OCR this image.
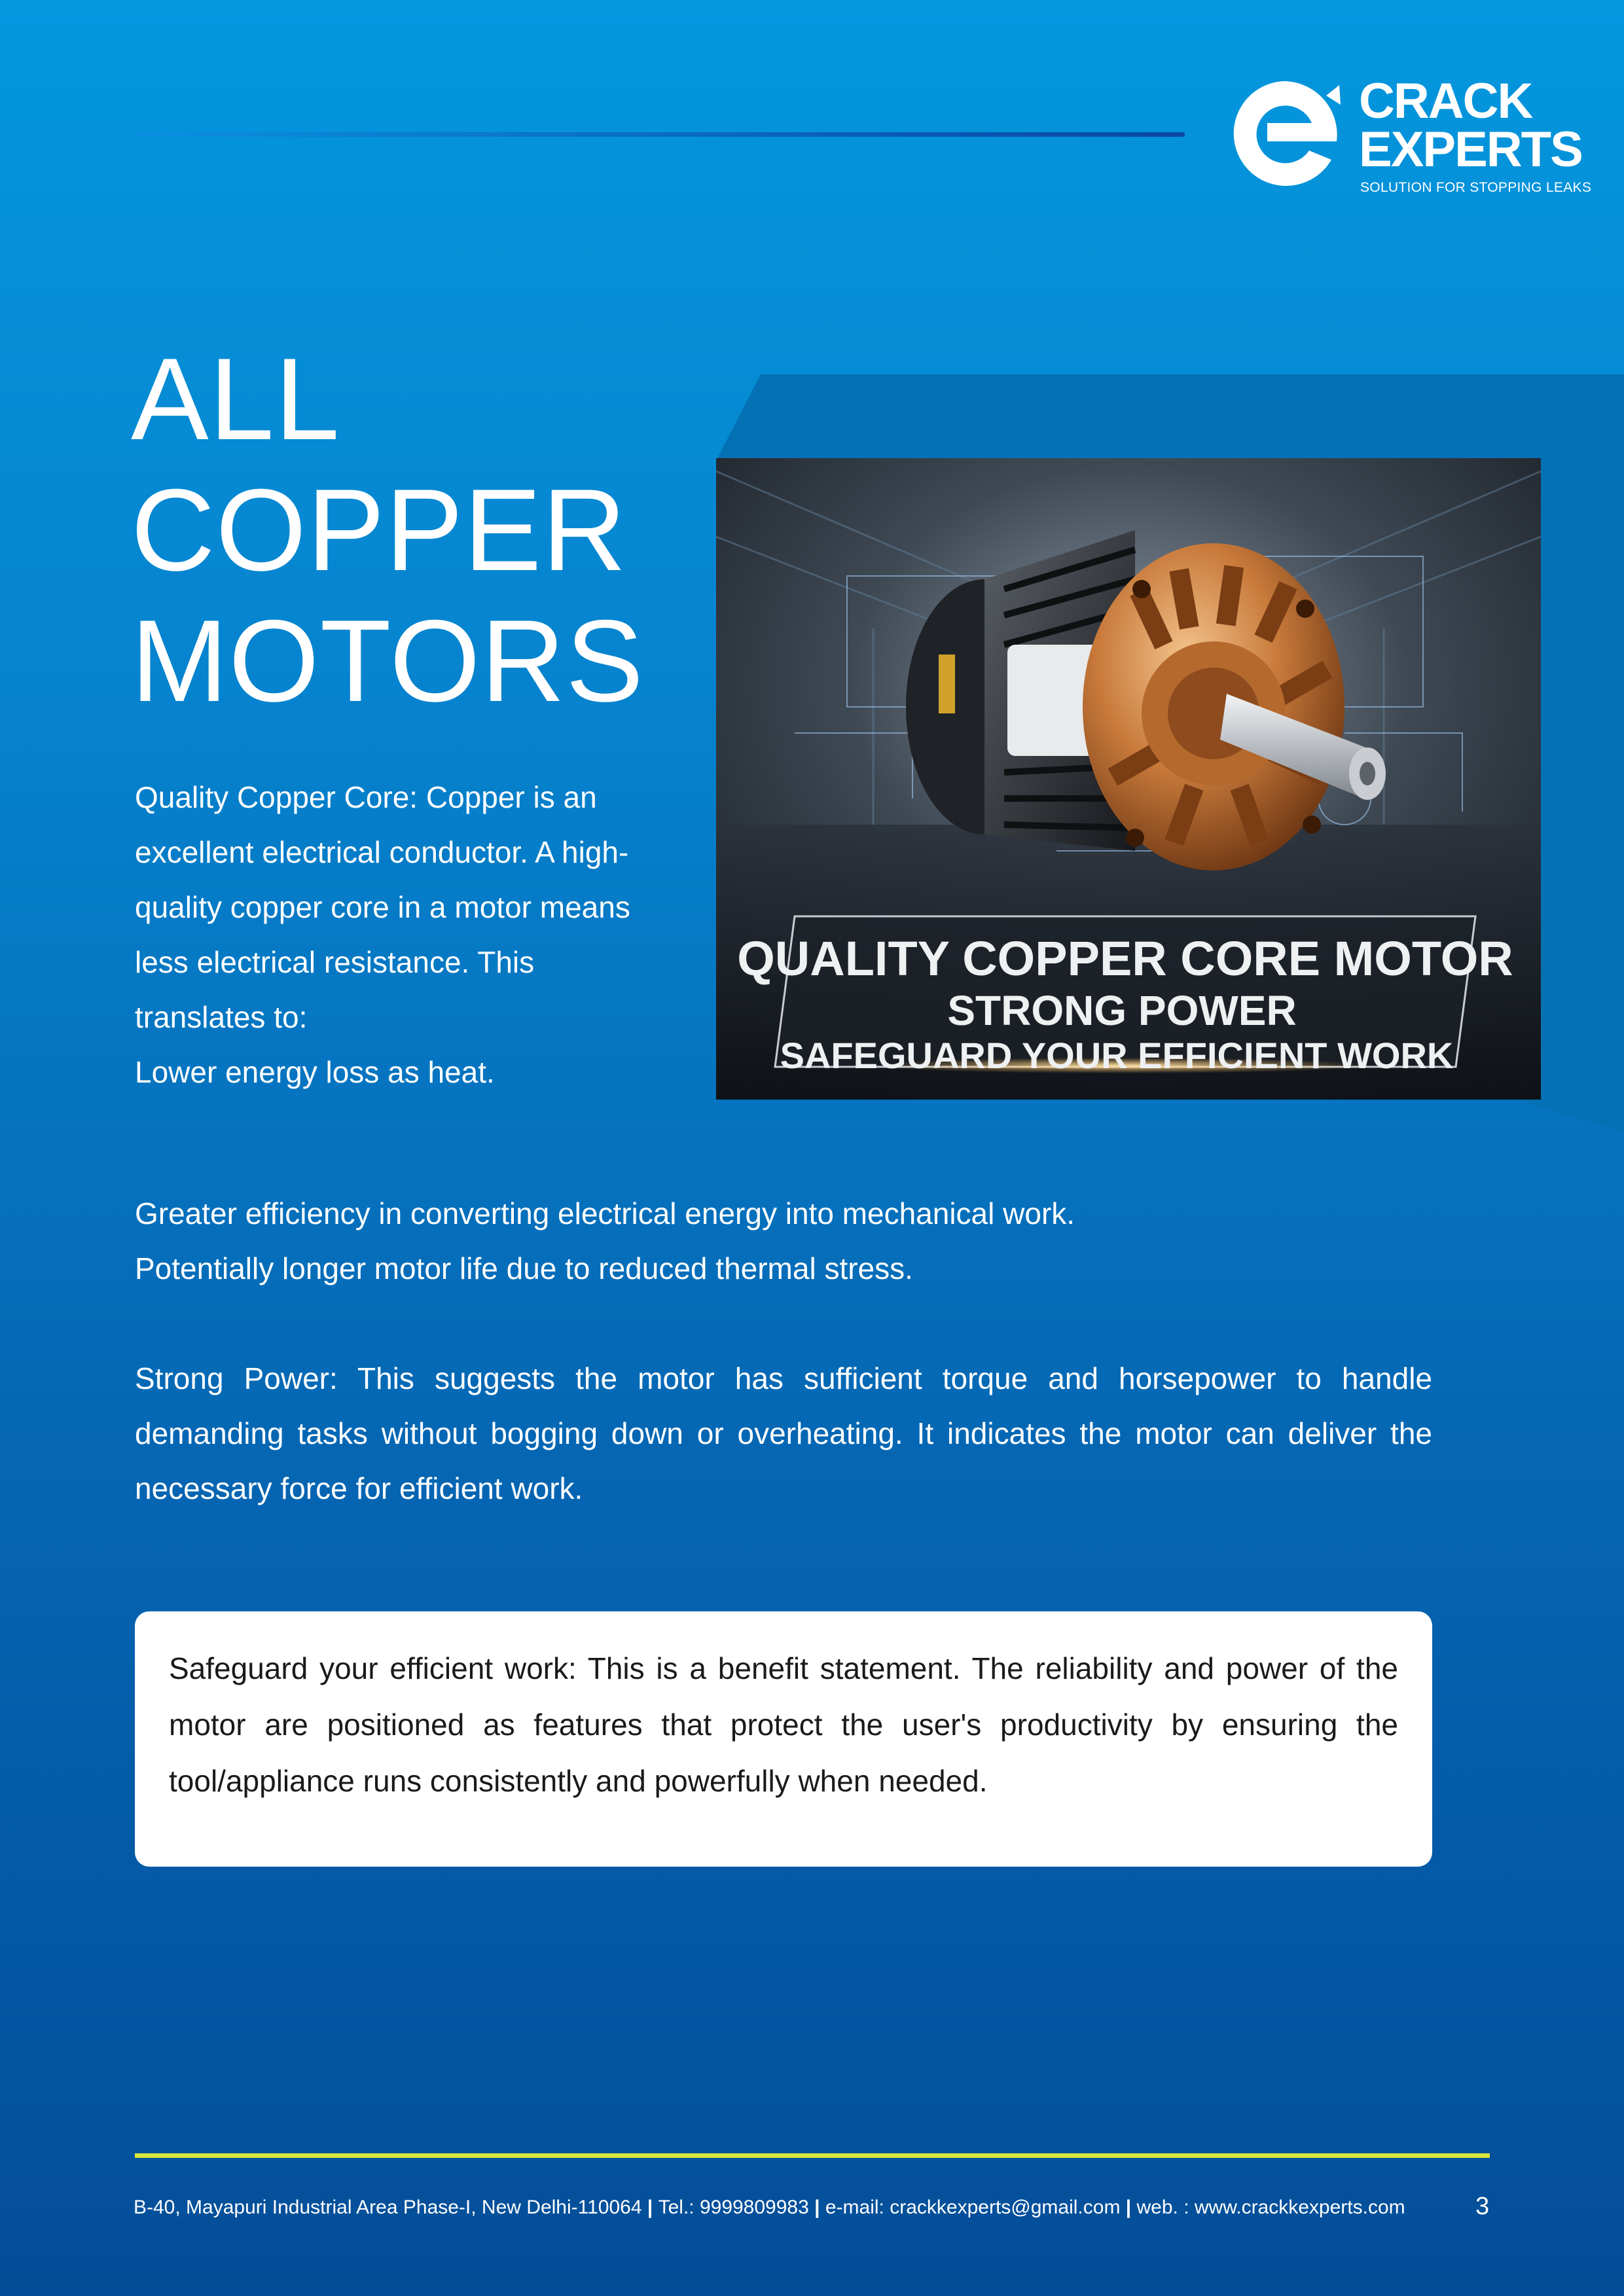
CRACK
EXPERTS
SOLUTION FOR STOPPING LEAKS
ALL
COPPER
MOTORS

Quality Copper Core: Copper is an
excellent electrical conductor. A high-
quality copper core in a motor means
less electrical resistance. This
translates to:
Lower energy loss as heat.

QUALITY COPPER CORE MOTOR
STRONG POWER
SAFEGUARD YOUR EFFICIENT WORK
Greater efficiency in converting electrical energy into mechanical work.
Potentially longer motor life due to reduced thermal stress.

Strong Power: This suggests the motor has sufficient torque and horsepower to handle demanding tasks without bogging down or overheating. It indicates the motor can deliver the necessary force for efficient work.

Safeguard your efficient work: This is a benefit statement. The reliability and power of the motor are positioned as features that protect the user's productivity by ensuring the tool/appliance runs consistently and powerfully when needed.

B-40, Mayapuri Industrial Area Phase-I, New Delhi-110064 | Tel.: 9999809983 | e-mail: crackkexperts@gmail.com | web. : www.crackkexperts.com	3
